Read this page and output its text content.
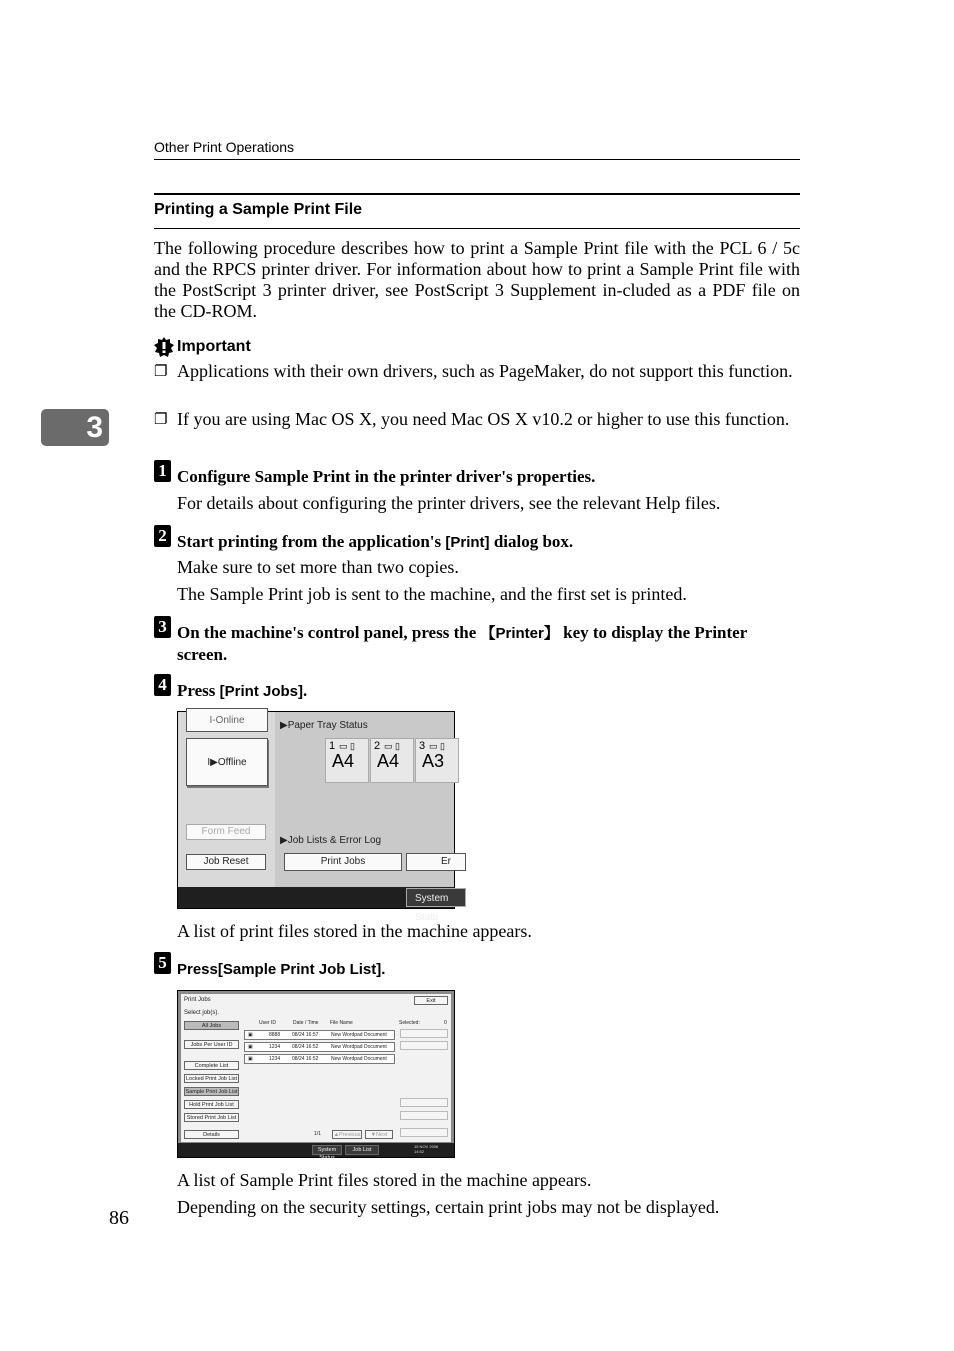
Other Print Operations
Printing a Sample Print File
The following procedure describes how to print a Sample Print file with the PCL 6 / 5c and the RPCS printer driver. For information about how to print a Sample Print file with the PostScript 3 printer driver, see PostScript 3 Supplement in-cluded as a PDF file on the CD-ROM.
Important
❐ Applications with their own drivers, such as PageMaker, do not support this function.
❐ If you are using Mac OS X, you need Mac OS X v10.2 or higher to use this function.
3
1 Configure Sample Print in the printer driver's properties.
For details about configuring the printer drivers, see the relevant Help files.
2 Start printing from the application's [Print] dialog box.
Make sure to set more than two copies.
The Sample Print job is sent to the machine, and the first set is printed.
3 On the machine's control panel, press the 【Printer】 key to display the Printer screen.
4 Press [Print Jobs].
I-Online
I▶Offline
Form Feed
Job Reset
▶Paper Tray Status
1 ▭ ▯
A4
2 ▭ ▯
A4
3 ▭ ▯
A3
▶Job Lists & Error Log
Print Jobs	Er
System Statu
A list of print files stored in the machine appears.
5 Press[Sample Print Job List].
Print Jobs	Exit
Select job(s).
All Jobs
Jobs Per User ID
Complete List
Locked Print Job List
Sample Print Job List
Hold Print Job List
Stored Print Job List
Details
User ID	Date / Time File Name	Selected:	0
▣	8888 08/24 16:57	New Wordpad Document
▣	1234 08/24 16:52	New Wordpad Document
▣	1234 08/24 16:52	New Wordpad Document
1/1 ▲Previous	▼Next
System Status
Job List
15 NOV 2006 14:52
A list of Sample Print files stored in the machine appears.
Depending on the security settings, certain print jobs may not be displayed.
86
